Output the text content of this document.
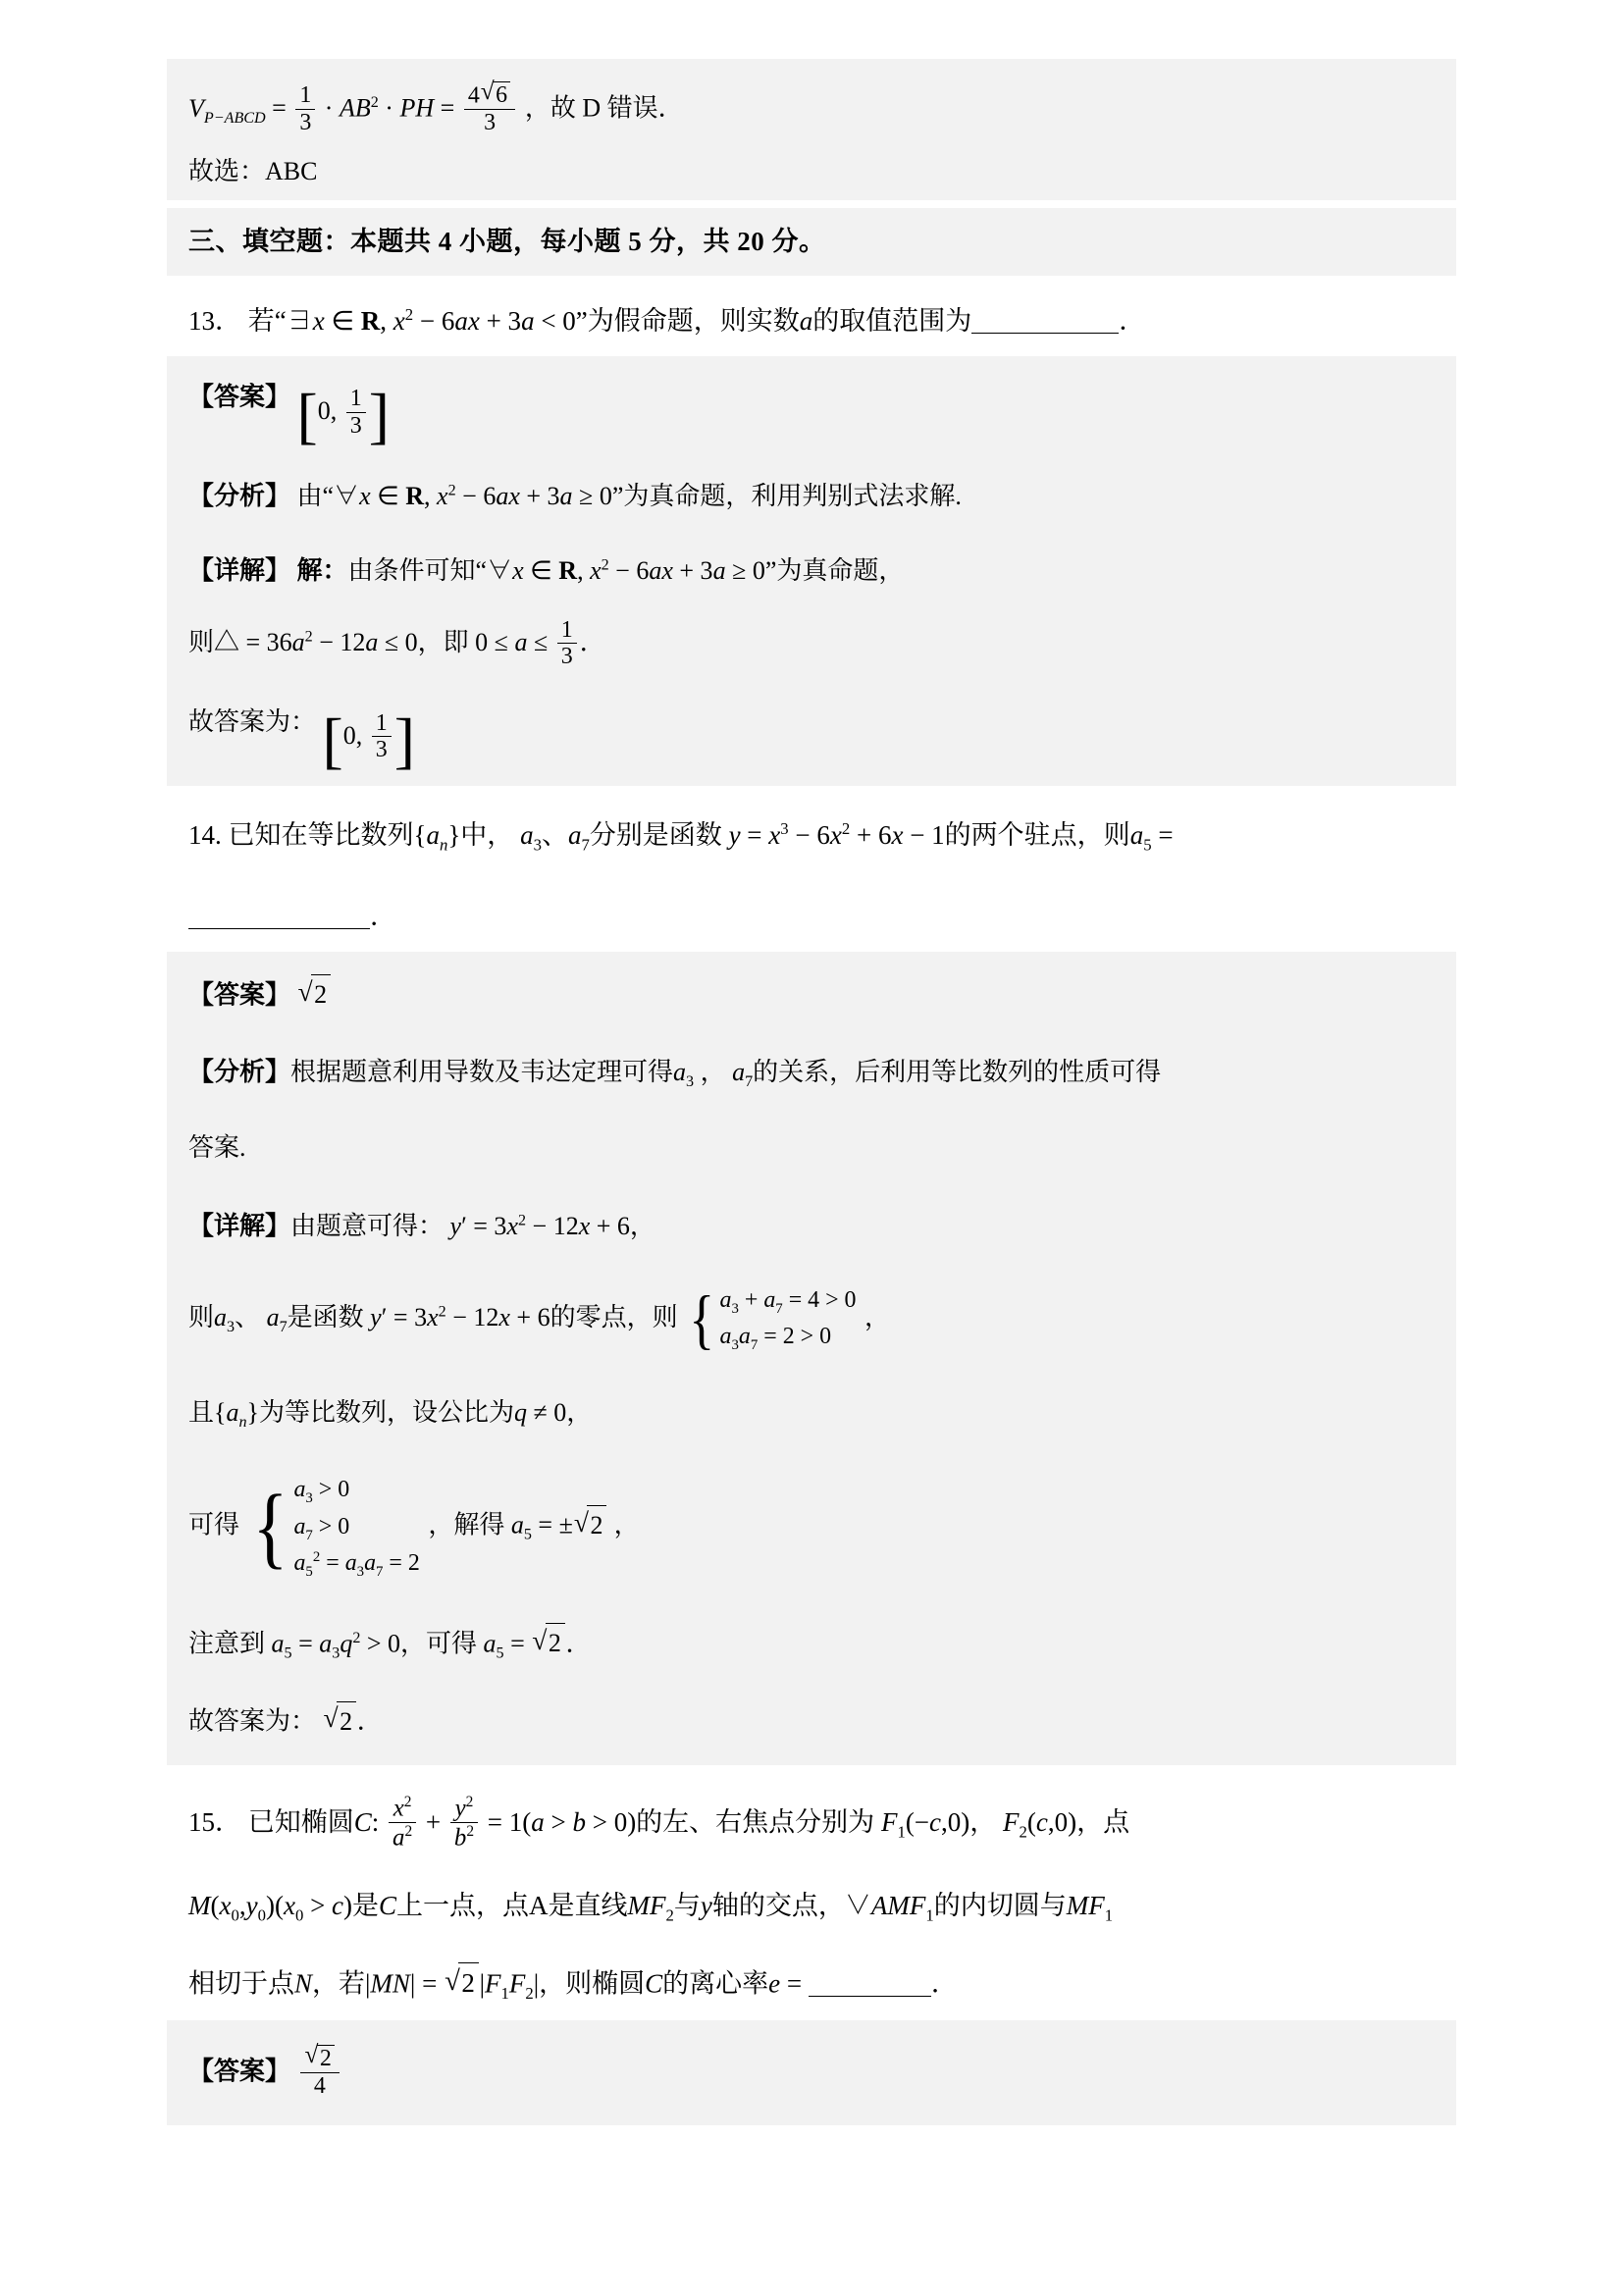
$V_{P-ABCD} = \frac{1}{3} \cdot AB^2$ · PH = $\frac{4 √ 6}{3}$ ，故 D 错误．
故选：ABC
三、填空题：本题共 4 小题，每小题 5 分，共 20 分。
13． 若“∃x ∈ R, $x^2 - 6ax + 3a < 0$”为假命题，则实数a的取值范围为	．
【答案】 [0, $\frac{1}{3}$ ]
【分析】 由“∀x ∈ R, $x^2 - 6ax + 3a \ge 0$”为真命题，利用判别式法求解.
【详解】 解：由条件可知“∀x ∈ R, $x^2 - 6ax + 3a \ge 0$”为真命题，
则△ = $36a^2 - 12a \le 0$，即 $0 \le a \le \frac{1}{3}$ ．
故答案为： [0, $\frac{1}{3}$ ]
14. 已知在等比数列$\{a_n\}$中， $a_3$、$a_7$分别是函数 $y = x^3 - 6x^2 + 6x - 1$的两个驻点，则$a_5$ =
．
【答案】 √ 2
【分析】根据题意利用导数及韦达定理可得$a_3$ ， $a_7$的关系，后利用等比数列的性质可得
答案.
【详解】由题意可得： $y' = 3x^2 - 12x + 6$，
则$a_3$、 $a_7$是函数 $y' = 3x^2 - 12x + 6$的零点，则 { $a_3 + a_7 = 4 > 0$
$a_3a_7 = 2 > 0$
，
且$\{a_n\}$为等比数列，设公比为q ≠ 0，
可得 { $a_3 > 0$
$a_7 > 0$
$a_5^2 = a_3a_7 = 2$
，解得 $a_5$ = ± √ 2 ，
注意到 $a_5 = a_3q^2 > 0$，可得 $a_5$ = √ 2 ．
故答案为： √ 2 ．
15． 已知椭圆C: $\frac{x^2}{a^2} + \frac{y^2}{b^2} = 1(a > b > 0)$的左、右焦点分别为 $F_1(-c,0)$， $F_2(c,0)$，点
$M(x_0,y_0)(x_0 > c)$是C上一点，点A是直线$MF_2$与y轴的交点，$\vee AMF_1$的内切圆与$MF_1$
相切于点N，若|MN| = √ 2 $|F_1F_2|$，则椭圆C的离心率e =	．
【答案】 √ $\frac{2}{4}$
